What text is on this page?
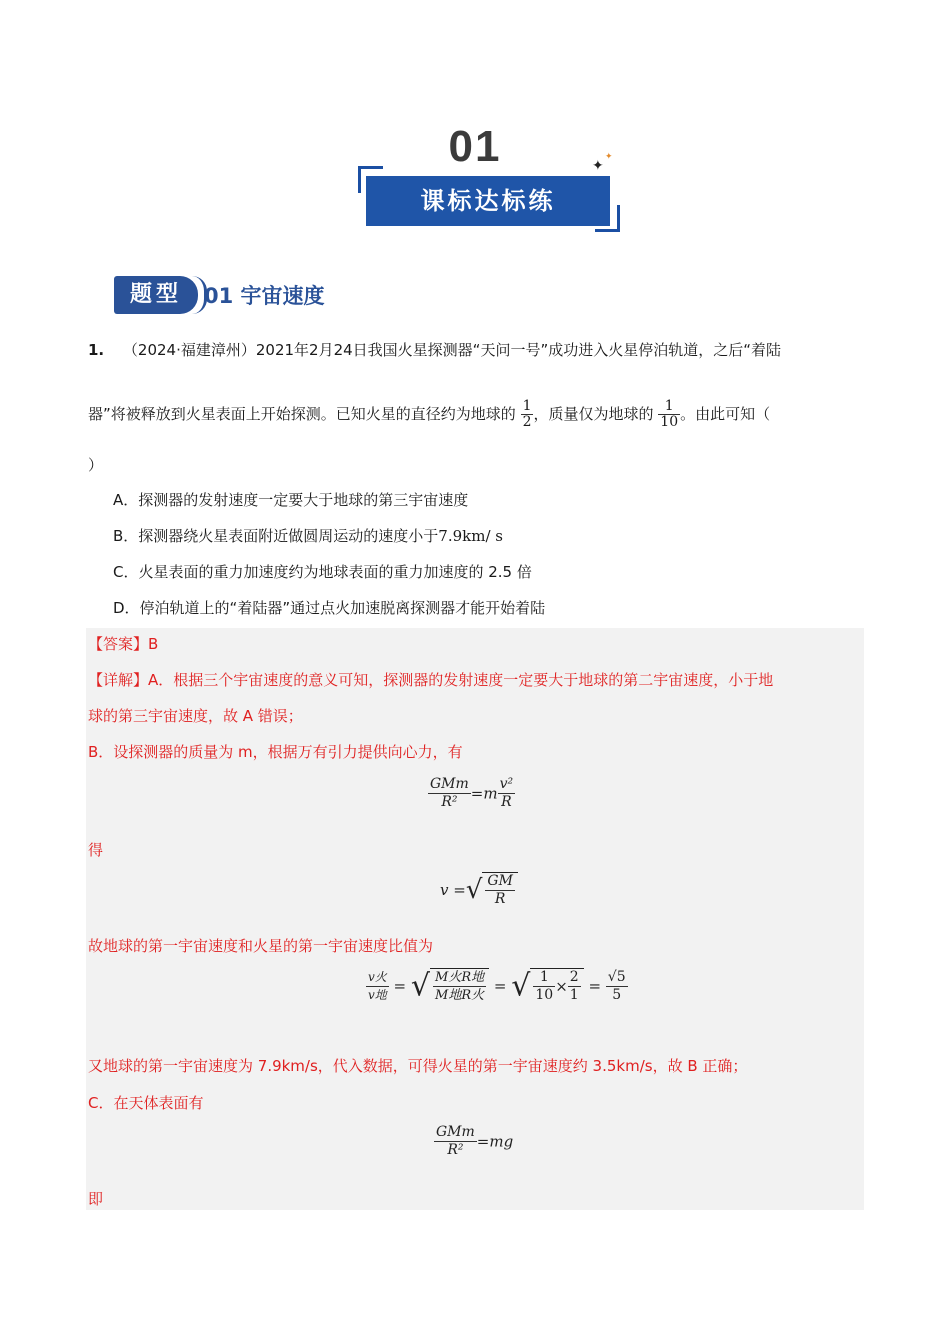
01
课标达标练
✦
✦
题型	01 宇宙速度
1. （2024·福建漳州）2021年2月24日我国火星探测器“天问一号”成功进入火星停泊轨道，之后“着陆
器”将被释放到火星表面上开始探测。已知火星的直径约为地球的 $\frac{1}{2}$ ，质量仅为地球的 $\frac{1}{10}$ 。由此可知（
）
A．探测器的发射速度一定要大于地球的第三宇宙速度
B．探测器绕火星表面附近做圆周运动的速度小于7.9km/ s
C．火星表面的重力加速度约为地球表面的重力加速度的 2.5 倍
D．停泊轨道上的“着陆器”通过点火加速脱离探测器才能开始着陆
【答案】B
【详解】A．根据三个宇宙速度的意义可知，探测器的发射速度一定要大于地球的第二宇宙速度，小于地
球的第三宇宙速度，故 A 错误；
B．设探测器的质量为 m，根据万有引力提供向心力，有
$\frac{\text{GMm}}{\text{R²}} =m \frac{\text{v²}}{R}$
得
v =√ $\frac{GM}{R}$
故地球的第一宇宙速度和火星的第一宇宙速度比值为
$\frac{\text{v火}}{\text{v地}}$ = √ $\frac{\text{M火R地}}{\text{M地R火}}$ = √ $\frac{1}{10} \times \frac{2}{1} = \frac{√5}{5}$
又地球的第一宇宙速度为 7.9km/s，代入数据，可得火星的第一宇宙速度约 3.5km/s，故 B 正确；
C．在天体表面有
$\frac{\text{GMm}}{\text{R²}} =mg$
即
